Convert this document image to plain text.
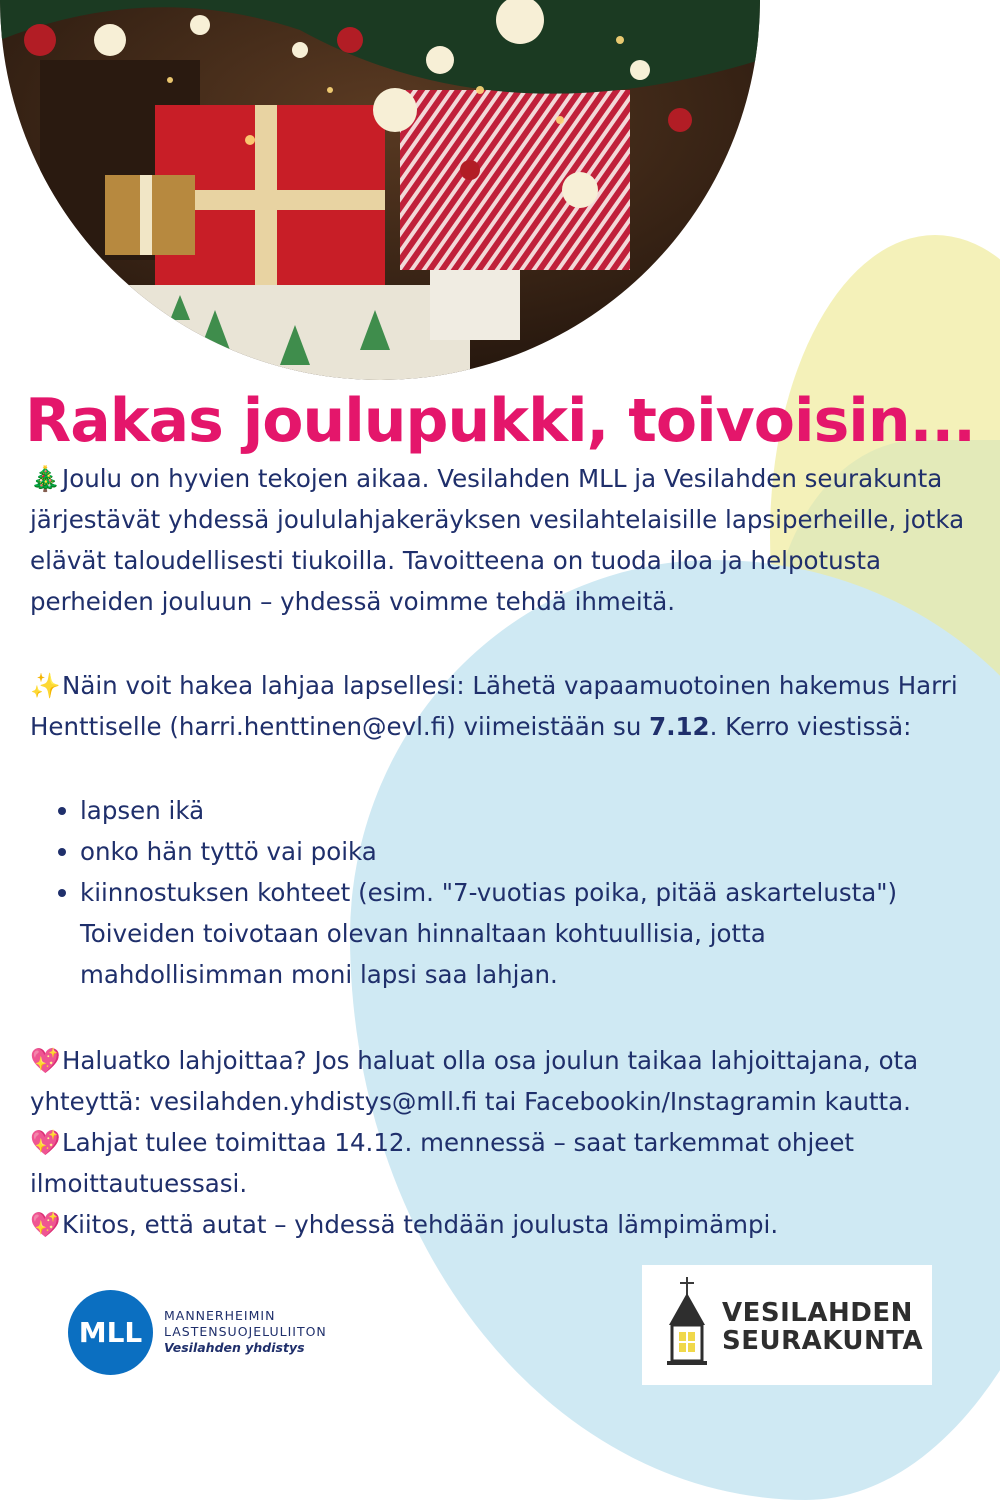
Rakas joulupukki, toivoisin...

🎄Joulu on hyvien tekojen aikaa. Vesilahden MLL ja Vesilahden seurakunta järjestävät yhdessä joululahjakeräyksen vesilahtelaisille lapsiperheille, jotka elävät taloudellisesti tiukoilla. Tavoitteena on tuoda iloa ja helpotusta perheiden jouluun – yhdessä voimme tehdä ihmeitä.

✨Näin voit hakea lahjaa lapsellesi: Lähetä vapaamuotoinen hakemus Harri Henttiselle (harri.henttinen@evl.fi) viimeistään su 7.12. Kerro viestissä:

lapsen ikä
onko hän tyttö vai poika
kiinnostuksen kohteet (esim. "7-vuotias poika, pitää askartelusta") Toiveiden toivotaan olevan hinnaltaan kohtuullisia, jotta mahdollisimman moni lapsi saa lahjan.

💖Haluatko lahjoittaa? Jos haluat olla osa joulun taikaa lahjoittajana, ota yhteyttä: vesilahden.yhdistys@mll.fi tai Facebookin/Instagramin kautta.
💖Lahjat tulee toimittaa 14.12. mennessä – saat tarkemmat ohjeet ilmoittautuessasi.
💖Kiitos, että autat – yhdessä tehdään joulusta lämpimämpi.

MLL
MANNERHEIMIN
LASTENSUOJELULIITON
Vesilahden yhdistys
VESILAHDEN
SEURAKUNTA
